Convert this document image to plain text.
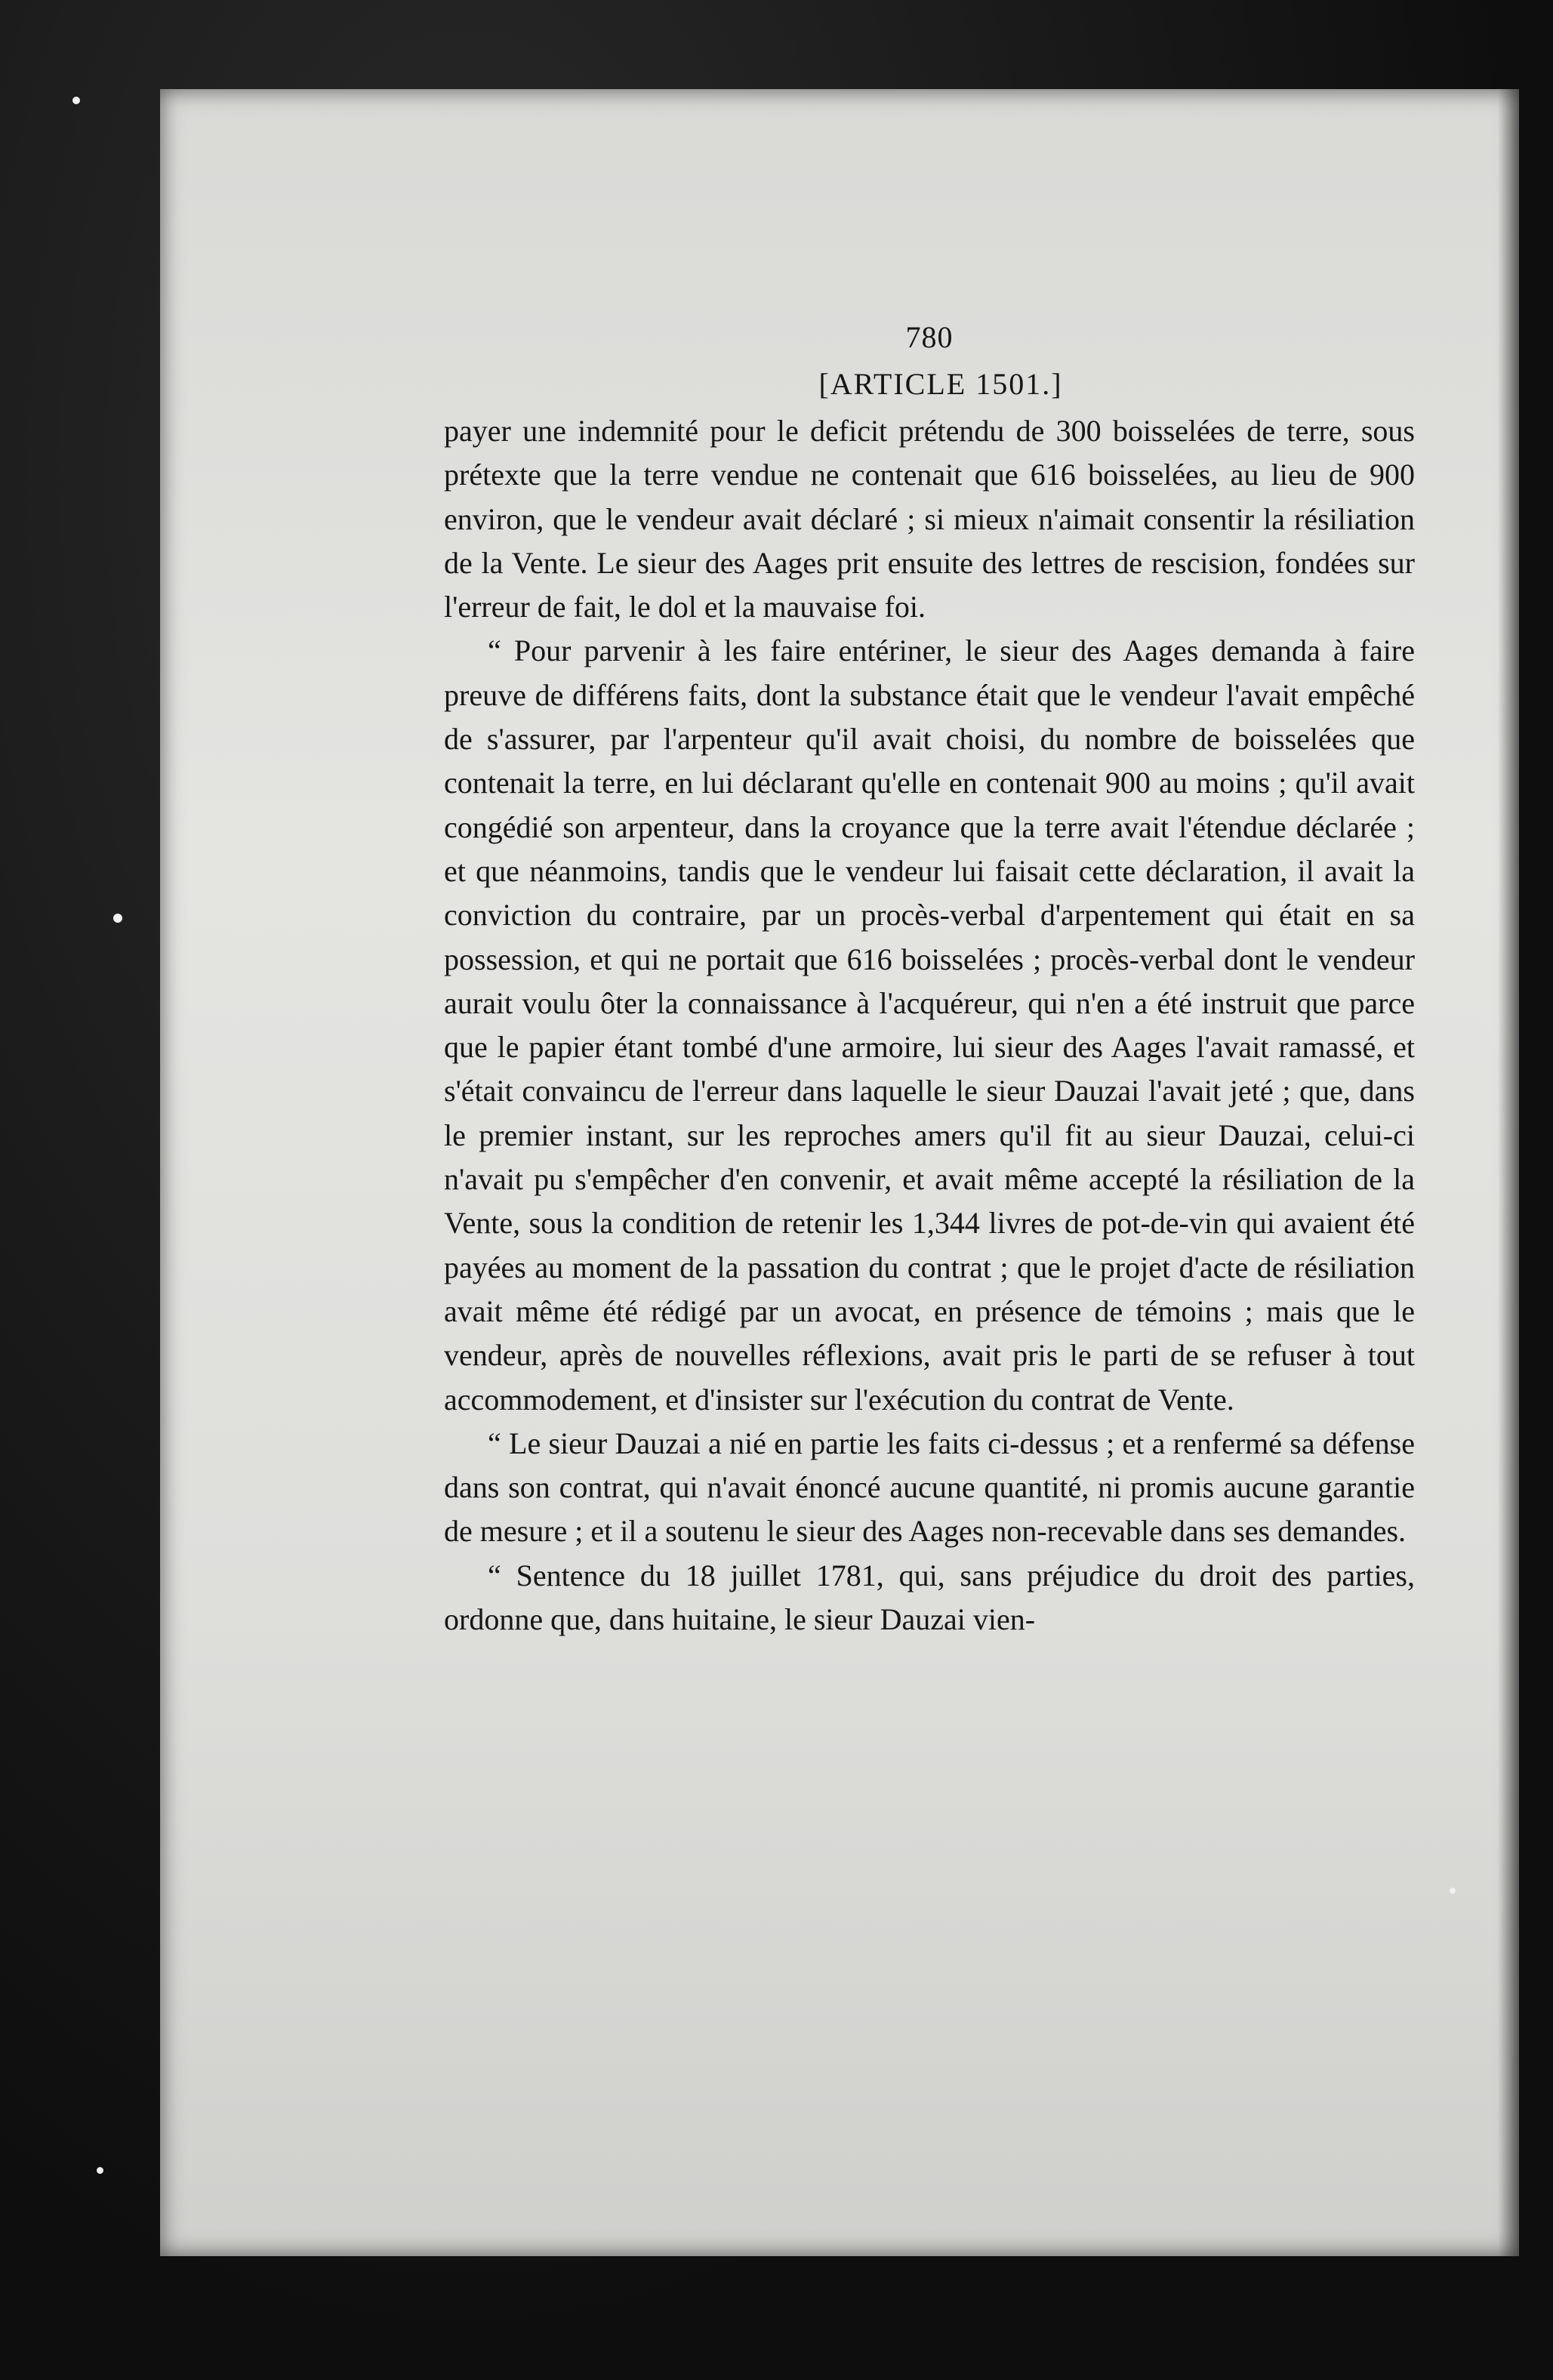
780
[ARTICLE 1501.]

payer une indemnité pour le deficit prétendu de 300 boisselées de terre, sous prétexte que la terre vendue ne contenait que 616 boisselées, au lieu de 900 environ, que le vendeur avait déclaré ; si mieux n'aimait consentir la résiliation de la Vente. Le sieur des Aages prit ensuite des lettres de rescision, fondées sur l'erreur de fait, le dol et la mauvaise foi.

“ Pour parvenir à les faire entériner, le sieur des Aages demanda à faire preuve de différens faits, dont la substance était que le vendeur l'avait empêché de s'assurer, par l'arpenteur qu'il avait choisi, du nombre de boisselées que contenait la terre, en lui déclarant qu'elle en contenait 900 au moins ; qu'il avait congédié son arpenteur, dans la croyance que la terre avait l'étendue déclarée ; et que néanmoins, tandis que le vendeur lui faisait cette déclaration, il avait la conviction du contraire, par un procès-verbal d'arpentement qui était en sa possession, et qui ne portait que 616 boisselées ; procès-verbal dont le vendeur aurait voulu ôter la connaissance à l'acquéreur, qui n'en a été instruit que parce que le papier étant tombé d'une armoire, lui sieur des Aages l'avait ramassé, et s'était convaincu de l'erreur dans laquelle le sieur Dauzai l'avait jeté ; que, dans le premier instant, sur les reproches amers qu'il fit au sieur Dauzai, celui-ci n'avait pu s'empêcher d'en convenir, et avait même accepté la résiliation de la Vente, sous la condition de retenir les 1,344 livres de pot-de-vin qui avaient été payées au moment de la passation du contrat ; que le projet d'acte de résiliation avait même été rédigé par un avocat, en présence de témoins ; mais que le vendeur, après de nouvelles réflexions, avait pris le parti de se refuser à tout accommodement, et d'insister sur l'exécution du contrat de Vente.

“ Le sieur Dauzai a nié en partie les faits ci-dessus ; et a renfermé sa défense dans son contrat, qui n'avait énoncé aucune quantité, ni promis aucune garantie de mesure ; et il a soutenu le sieur des Aages non-recevable dans ses demandes.

“ Sentence du 18 juillet 1781, qui, sans préjudice du droit des parties, ordonne que, dans huitaine, le sieur Dauzai vien-
